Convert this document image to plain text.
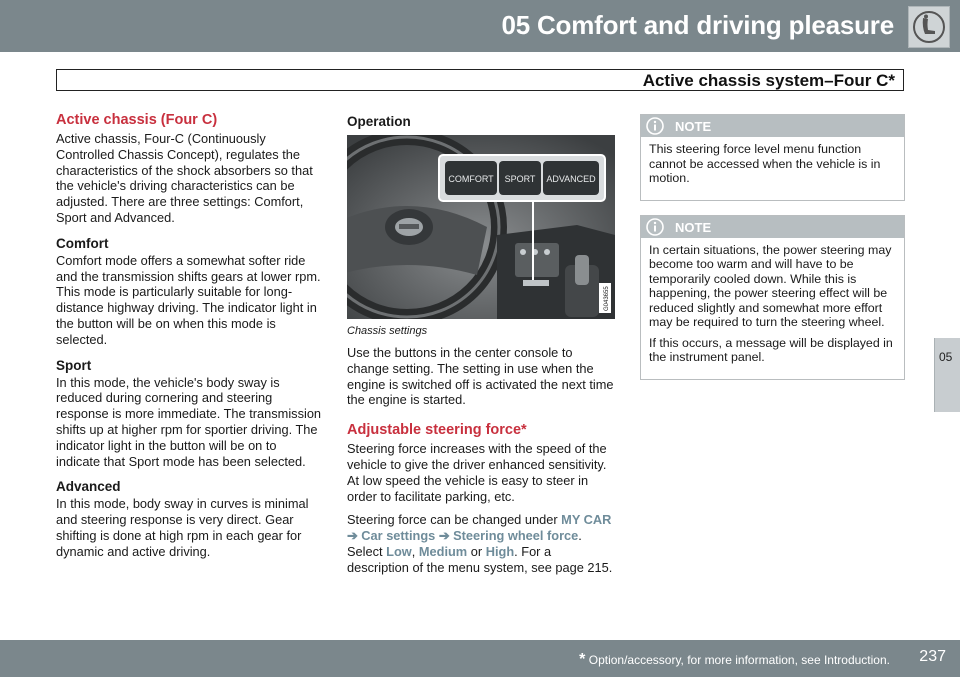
05 Comfort and driving pleasure
Active chassis system–Four C*
05
Active chassis (Four C)

Active chassis, Four-C (Continuously Controlled Chassis Concept), regulates the characteristics of the shock absorbers so that the vehicle's driving characteristics can be adjusted. There are three settings: Comfort, Sport and Advanced.

Comfort

Comfort mode offers a somewhat softer ride and the transmission shifts gears at lower rpm. This mode is particularly suitable for long-distance highway driving. The indicator light in the button will be on when this mode is selected.

Sport

In this mode, the vehicle's body sway is reduced during cornering and steering response is more immediate. The transmission shifts up at higher rpm for sportier driving. The indicator light in the button will be on to indicate that Sport mode has been selected.

Advanced

In this mode, body sway in curves is minimal and steering response is very direct. Gear shifting is done at high rpm in each gear for dynamic and active driving.

Operation
COMFORT SPORT ADVANCED
G043655
Chassis settings

Use the buttons in the center console to change setting. The setting in use when the engine is switched off is activated the next time the engine is started.

Adjustable steering force*

Steering force increases with the speed of the vehicle to give the driver enhanced sensitivity. At low speed the vehicle is easy to steer in order to facilitate parking, etc.

Steering force can be changed under MY CAR ➔ Car settings ➔ Steering wheel force. Select Low, Medium or High. For a description of the menu system, see page 215.

NOTE

This steering force level menu function cannot be accessed when the vehicle is in motion.

NOTE

In certain situations, the power steering may become too warm and will have to be temporarily cooled down. While this is happening, the power steering effect will be reduced slightly and somewhat more effort may be required to turn the steering wheel.

If this occurs, a message will be displayed in the instrument panel.

* Option/accessory, for more information, see Introduction. 237
